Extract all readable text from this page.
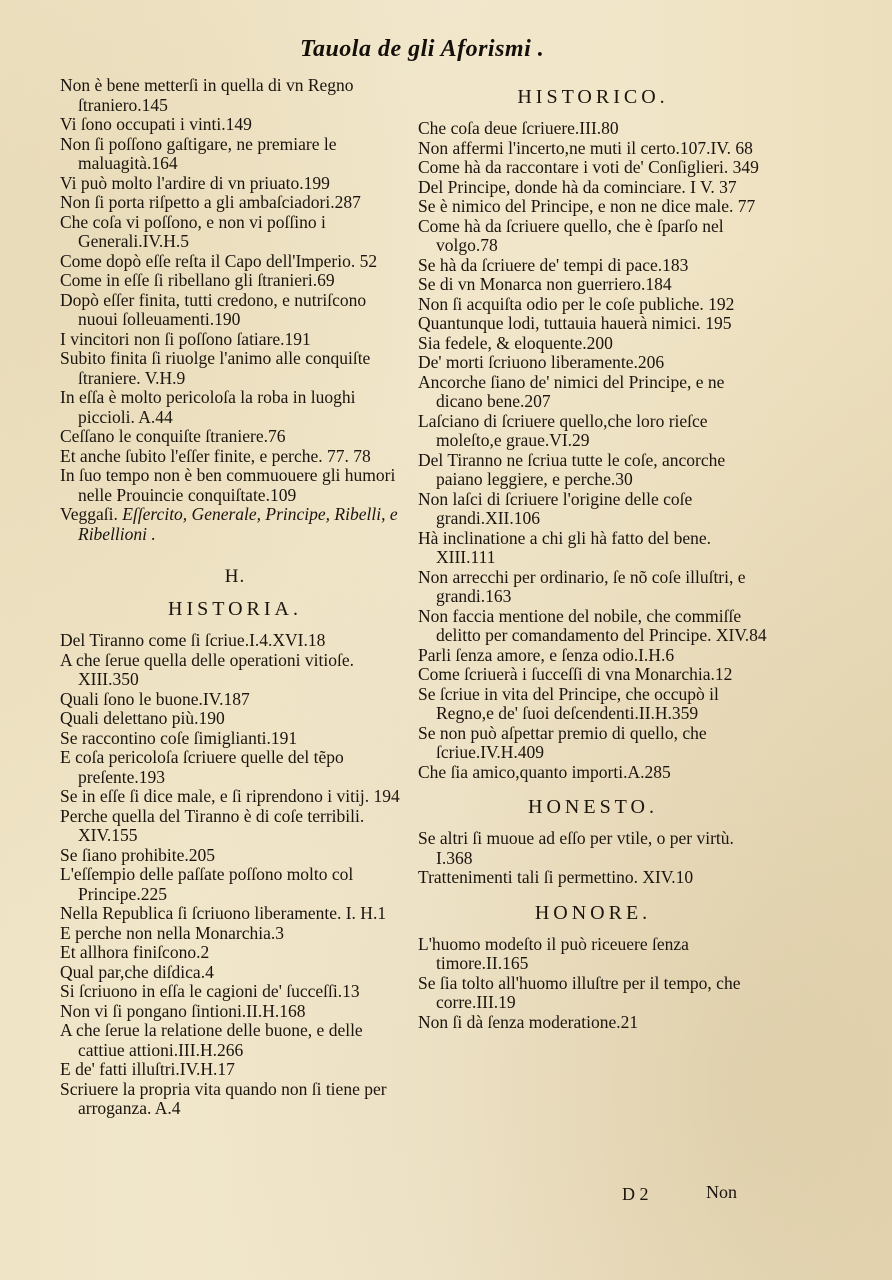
Tauola de gli Aforismi .

Non è bene metterſi in quella di vn Regno ſtraniero.145

Vi ſono occupati i vinti.149

Non ſi poſſono gaſtigare, ne premiare le maluagità.164

Vi può molto l'ardire di vn priuato.199

Non ſi porta riſpetto a gli ambaſciadori.287

Che coſa vi poſſono, e non vi poſſino i Generali.IV.H.5

Come dopò eſſe reſta il Capo dell'Imperio. 52

Come in eſſe ſi ribellano gli ſtranieri.69

Dopò eſſer finita, tutti credono, e nutriſcono nuoui ſolleuamenti.190

I vincitori non ſi poſſono ſatiare.191

Subito finita ſi riuolge l'animo alle conquiſte ſtraniere. V.H.9

In eſſa è molto pericoloſa la roba in luoghi piccioli. A.44

Ceſſano le conquiſte ſtraniere.76

Et anche ſubito l'eſſer finite, e perche. 77. 78

In ſuo tempo non è ben commuouere gli humori nelle Prouincie conquiſtate.109

Veggaſi. Eſſercito, Generale, Principe, Ribelli, e Ribellioni .

H.
HISTORIA.

Del Tiranno come ſi ſcriue.I.4.XVI.18

A che ſerue quella delle operationi vitioſe. XIII.350

Quali ſono le buone.IV.187

Quali delettano più.190

Se raccontino coſe ſimiglianti.191

E coſa pericoloſa ſcriuere quelle del tẽpo preſente.193

Se in eſſe ſi dice male, e ſi riprendono i vitij. 194

Perche quella del Tiranno è di coſe terribili. XIV.155

Se ſiano prohibite.205

L'eſſempio delle paſſate poſſono molto col Principe.225

Nella Republica ſi ſcriuono liberamente. I. H.1

E perche non nella Monarchia.3

Et allhora finiſcono.2

Qual par,che diſdica.4

Si ſcriuono in eſſa le cagioni de' ſucceſſi.13

Non vi ſi pongano ſintioni.II.H.168

A che ſerue la relatione delle buone, e delle cattiue attioni.III.H.266

E de' fatti illuſtri.IV.H.17

Scriuere la propria vita quando non ſi tiene per arroganza. A.4

HISTORICO.

Che coſa deue ſcriuere.III.80

Non affermi l'incerto,ne muti il certo.107.IV. 68

Come hà da raccontare i voti de' Conſiglieri. 349

Del Principe, donde hà da cominciare. I V. 37

Se è nimico del Principe, e non ne dice male. 77

Come hà da ſcriuere quello, che è ſparſo nel volgo.78

Se hà da ſcriuere de' tempi di pace.183

Se di vn Monarca non guerriero.184

Non ſi acquiſta odio per le coſe publiche. 192

Quantunque lodi, tuttauia hauerà nimici. 195

Sia fedele, & eloquente.200

De' morti ſcriuono liberamente.206

Ancorche ſiano de' nimici del Principe, e ne dicano bene.207

Laſciano di ſcriuere quello,che loro rieſce moleſto,e graue.VI.29

Del Tiranno ne ſcriua tutte le coſe, ancorche paiano leggiere, e perche.30

Non laſci di ſcriuere l'origine delle coſe grandi.XII.106

Hà inclinatione a chi gli hà fatto del bene. XIII.111

Non arrecchi per ordinario, ſe nõ coſe illuſtri, e grandi.163

Non faccia mentione del nobile, che commiſſe delitto per comandamento del Principe. XIV.84

Parli ſenza amore, e ſenza odio.I.H.6

Come ſcriuerà i ſucceſſi di vna Monarchia.12

Se ſcriue in vita del Principe, che occupò il Regno,e de' ſuoi deſcendenti.II.H.359

Se non può aſpettar premio di quello, che ſcriue.IV.H.409

Che ſia amico,quanto importi.A.285

HONESTO.

Se altri ſi muoue ad eſſo per vtile, o per virtù. I.368

Trattenimenti tali ſi permettino. XIV.10

HONORE.

L'huomo modeſto il può riceuere ſenza timore.II.165

Se ſia tolto all'huomo illuſtre per il tempo, che corre.III.19

Non ſi dà ſenza moderatione.21

D 2	Non
